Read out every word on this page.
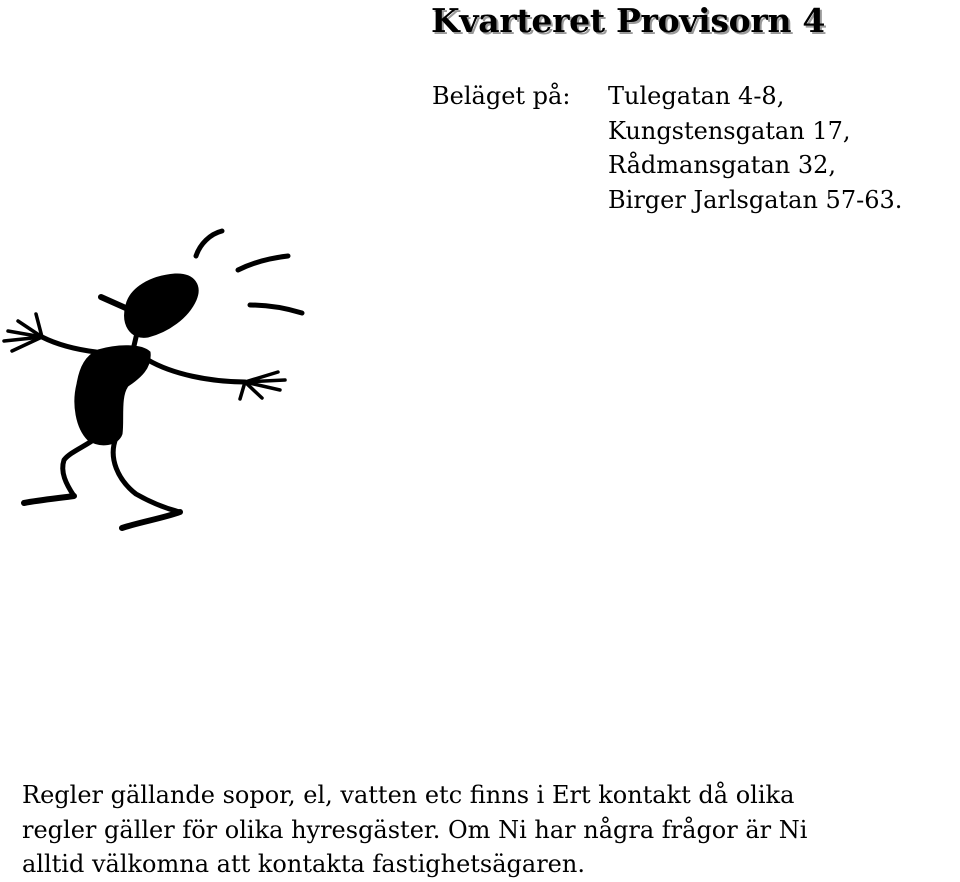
Kvarteret Provisorn 4
Beläget på: Tulegatan 4-8,
Kungstensgatan 17,
Rådmansgatan 32,
Birger Jarlsgatan 57-63.
Regler gällande sopor, el, vatten etc finns i Ert kontakt då olika
regler gäller för olika hyresgäster. Om Ni har några frågor är Ni
alltid välkomna att kontakta fastighetsägaren.
